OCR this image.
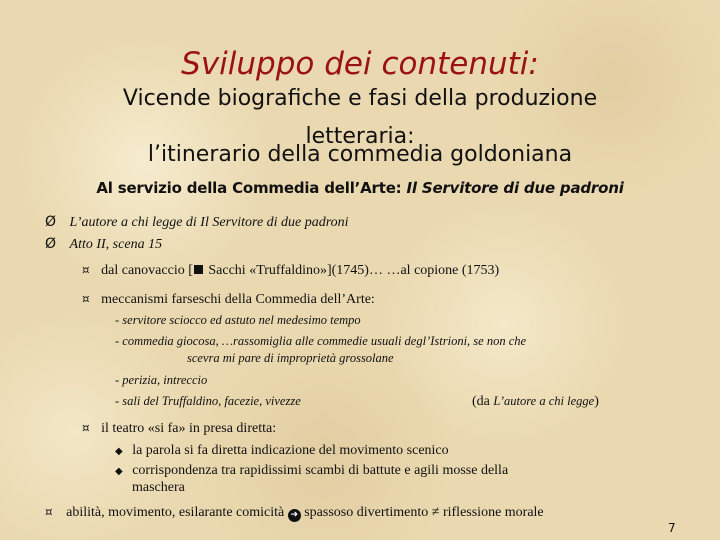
Sviluppo dei contenuti:
Vicende biografiche e fasi della produzione
letteraria:
l’itinerario della commedia goldoniana
Al servizio della Commedia dell’Arte: Il Servitore di due padroni
Ø L’autore a chi legge di Il Servitore di due padroni
Ø Atto II, scena 15
¤ dal canovaccio [ Sacchi «Truffaldino»](1745)… …al copione (1753)
¤ meccanismi farseschi della Commedia dell’Arte:
- servitore sciocco ed astuto nel medesimo tempo
- commedia giocosa, …rassomiglia alle commedie usuali degl’Istrioni, se non che
scevra mi pare di improprietà grossolane
- perizia, intreccio
- sali del Truffaldino, facezie, vivezze	(da L’autore a chi legge)
¤ il teatro «si fa» in presa diretta:
◆ la parola si fa diretta indicazione del movimento scenico
◆ corrispondenza tra rapidissimi scambi di battute e agili mosse della
maschera
¤ abilità, movimento, esilarante comicità ➜ spassoso divertimento ≠ riflessione morale
7
